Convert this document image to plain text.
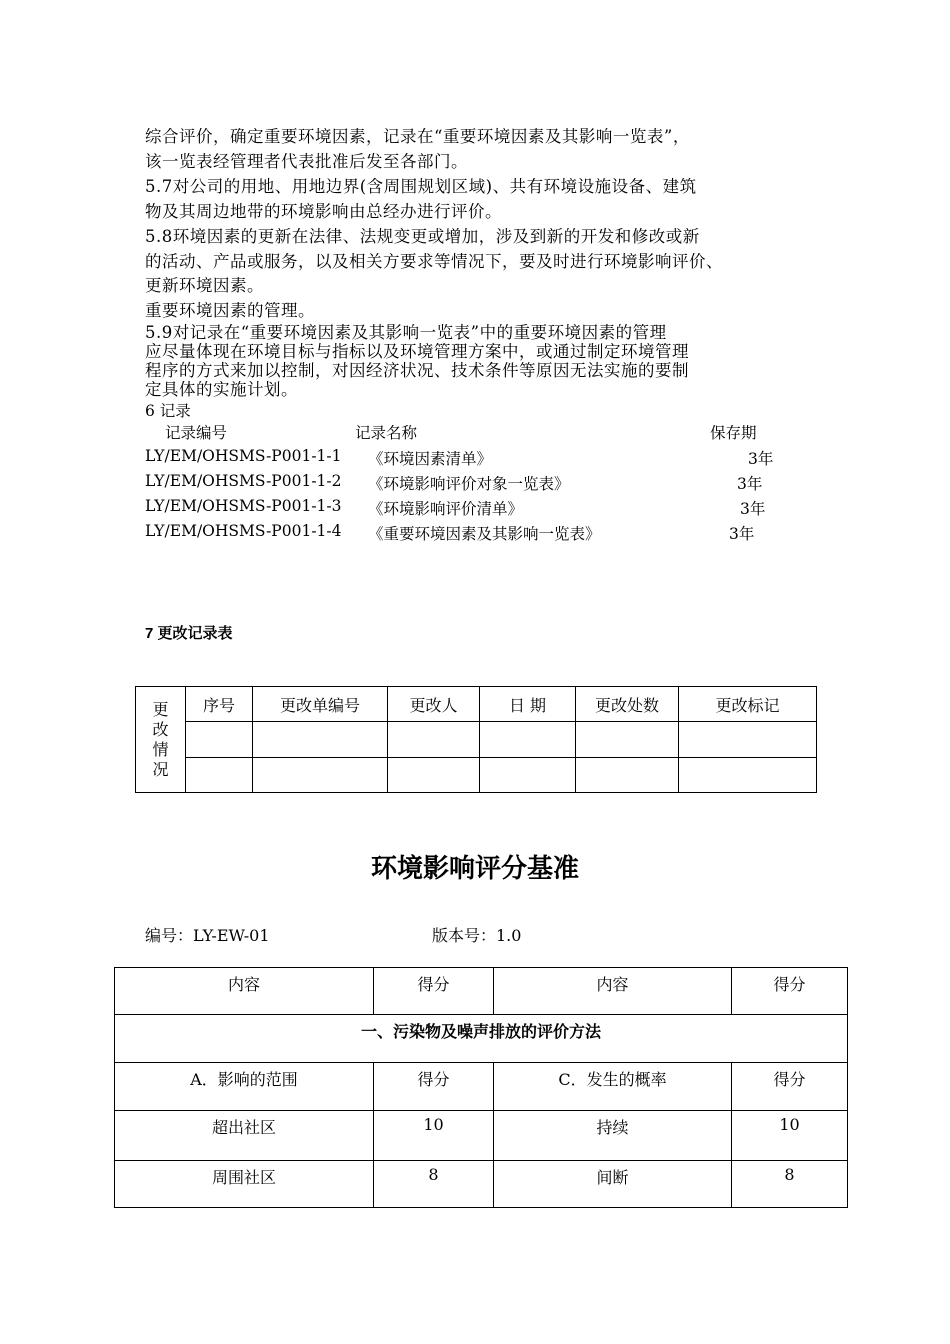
综合评价，确定重要环境因素，记录在“重要环境因素及其影响一览表”，
该一览表经管理者代表批准后发至各部门。
5.7对公司的用地、用地边界(含周围规划区域)、共有环境设施设备、建筑
物及其周边地带的环境影响由总经办进行评价。
5.8环境因素的更新在法律、法规变更或增加，涉及到新的开发和修改或新
的活动、产品或服务，以及相关方要求等情况下，要及时进行环境影响评价、
更新环境因素。
重要环境因素的管理。
5.9对记录在“重要环境因素及其影响一览表”中的重要环境因素的管理
应尽量体现在环境目标与指标以及环境管理方案中，或通过制定环境管理
程序的方式来加以控制，对因经济状况、技术条件等原因无法实施的要制
定具体的实施计划。
6 记录
记录编号	记录名称	保存期
LY/EM/OHSMS-P001-1-1 《环境因素清单》	3年
LY/EM/OHSMS-P001-1-2 《环境影响评价对象一览表》	3年
LY/EM/OHSMS-P001-1-3 《环境影响评价清单》	3年
LY/EM/OHSMS-P001-1-4 《重要环境因素及其影响一览表》	3年
7 更改记录表
更
改
情
况	序号	更改单编号	更改人	日 期	更改处数	更改标记

环境影响评分基准
编号：LY-EW-01	版本号：1.0
内容	得分	内容	得分
一、污染物及噪声排放的评价方法			
A．影响的范围	得分	C．发生的概率	得分
超出社区	10	持续	10
周围社区	8	间断	8
